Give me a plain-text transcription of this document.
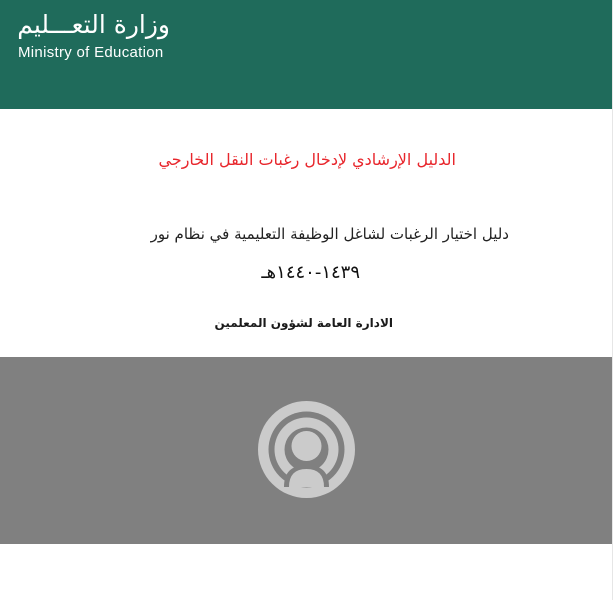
وزارة التعـــليم
Ministry of Education
الدليل الإرشادي لإدخال رغبات النقل الخارجي
دليل اختيار الرغبات لشاغل الوظيفة التعليمية في نظام نور
١٤٣٩-١٤٤٠هـ
الادارة العامة لشؤون المعلمين
